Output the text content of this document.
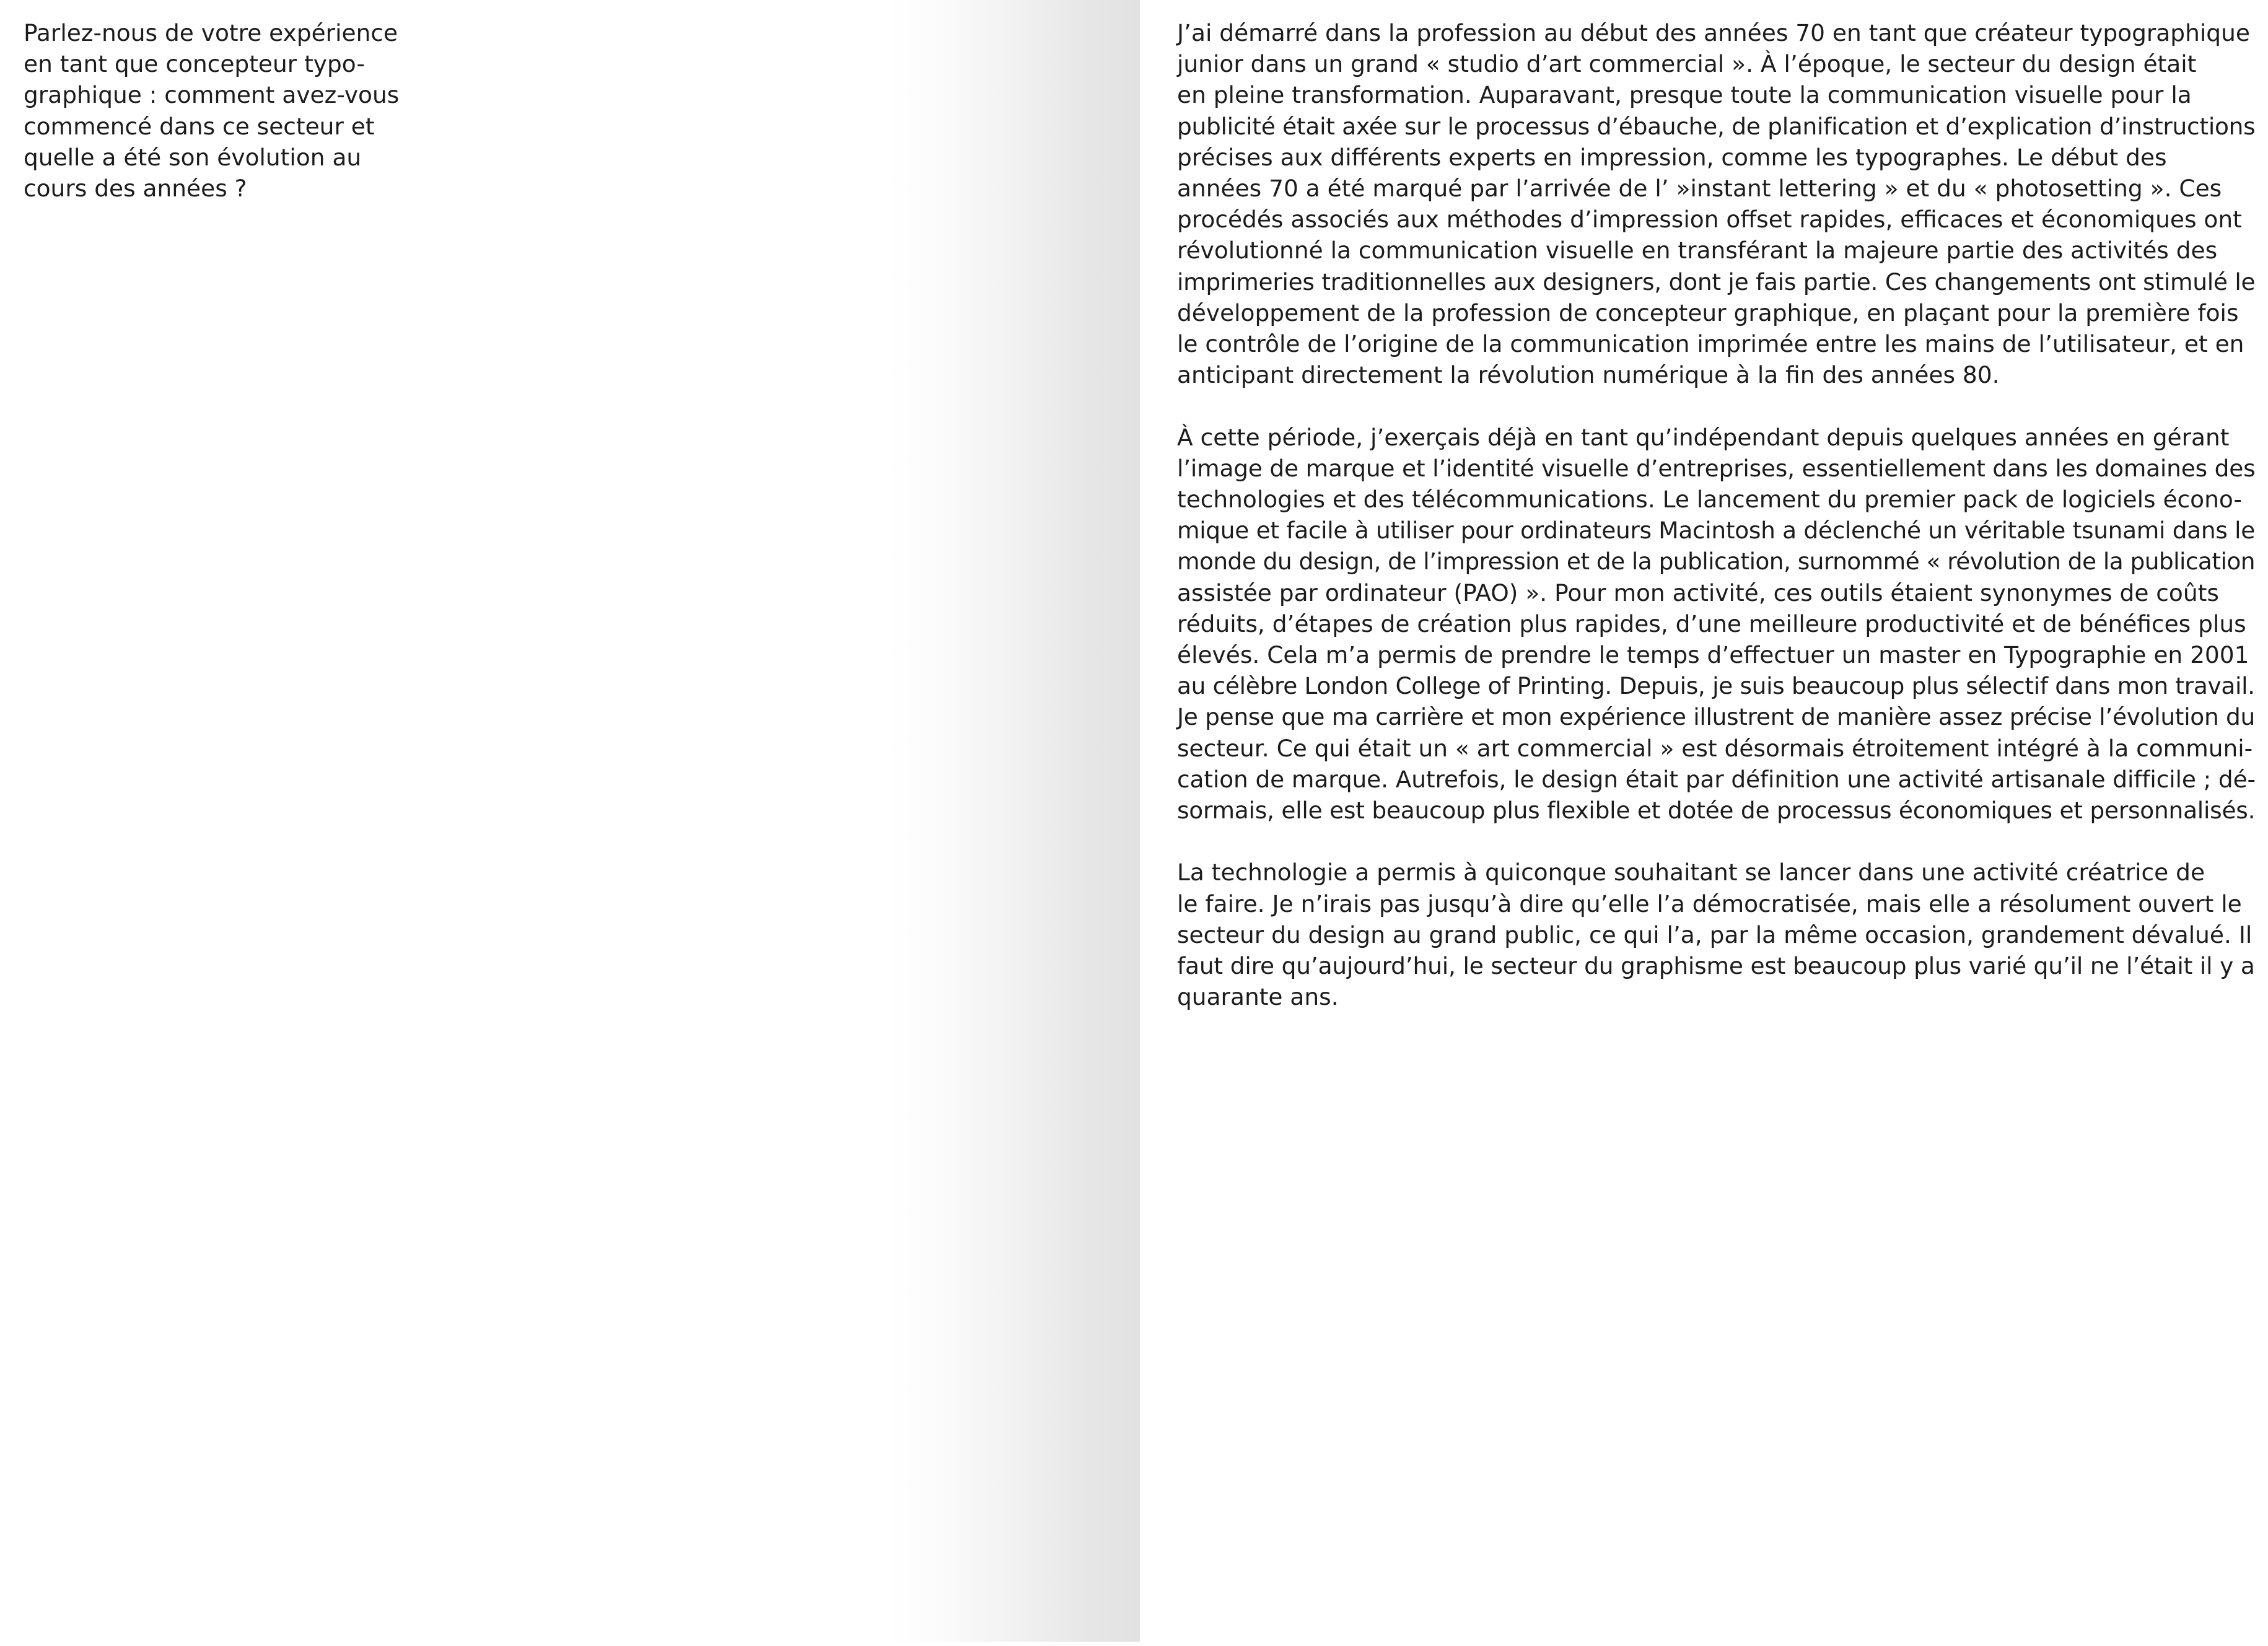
Parlez-nous de votre expérience
en tant que concepteur typo-
graphique : comment avez-vous
commencé dans ce secteur et
quelle a été son évolution au
cours des années ?
J’ai démarré dans la profession au début des années 70 en tant que créateur typographique
junior dans un grand « studio d’art commercial ». À l’époque, le secteur du design était
en pleine transformation. Auparavant, presque toute la communication visuelle pour la
publicité était axée sur le processus d’ébauche, de planification et d’explication d’instructions
précises aux différents experts en impression, comme les typographes. Le début des
années 70 a été marqué par l’arrivée de l’ »instant lettering » et du « photosetting ». Ces
procédés associés aux méthodes d’impression offset rapides, efficaces et économiques ont
révolutionné la communication visuelle en transférant la majeure partie des activités des
imprimeries traditionnelles aux designers, dont je fais partie. Ces changements ont stimulé le
développement de la profession de concepteur graphique, en plaçant pour la première fois
le contrôle de l’origine de la communication imprimée entre les mains de l’utilisateur, et en
anticipant directement la révolution numérique à la fin des années 80.
À cette période, j’exerçais déjà en tant qu’indépendant depuis quelques années en gérant
l’image de marque et l’identité visuelle d’entreprises, essentiellement dans les domaines des
technologies et des télécommunications. Le lancement du premier pack de logiciels écono-
mique et facile à utiliser pour ordinateurs Macintosh a déclenché un véritable tsunami dans le
monde du design, de l’impression et de la publication, surnommé « révolution de la publication
assistée par ordinateur (PAO) ». Pour mon activité, ces outils étaient synonymes de coûts
réduits, d’étapes de création plus rapides, d’une meilleure productivité et de bénéfices plus
élevés. Cela m’a permis de prendre le temps d’effectuer un master en Typographie en 2001
au célèbre London College of Printing. Depuis, je suis beaucoup plus sélectif dans mon travail.
Je pense que ma carrière et mon expérience illustrent de manière assez précise l’évolution du
secteur. Ce qui était un « art commercial » est désormais étroitement intégré à la communi-
cation de marque. Autrefois, le design était par définition une activité artisanale difficile ; dé-
sormais, elle est beaucoup plus flexible et dotée de processus économiques et personnalisés.
La technologie a permis à quiconque souhaitant se lancer dans une activité créatrice de
le faire. Je n’irais pas jusqu’à dire qu’elle l’a démocratisée, mais elle a résolument ouvert le
secteur du design au grand public, ce qui l’a, par la même occasion, grandement dévalué. Il
faut dire qu’aujourd’hui, le secteur du graphisme est beaucoup plus varié qu’il ne l’était il y a
quarante ans.
